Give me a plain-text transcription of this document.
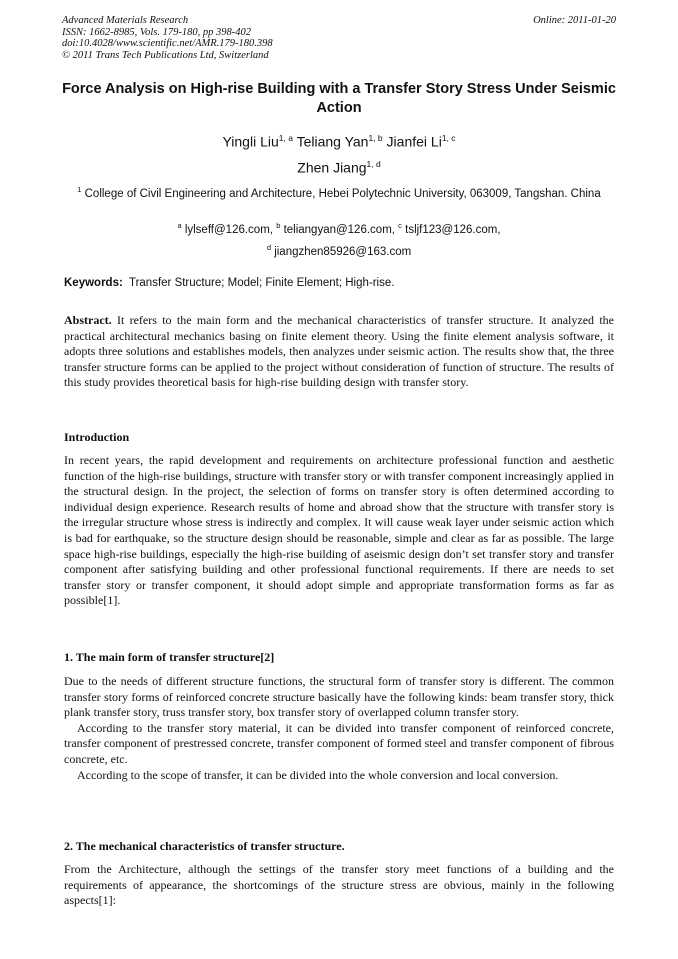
Advanced Materials Research
ISSN: 1662-8985, Vols. 179-180, pp 398-402
doi:10.4028/www.scientific.net/AMR.179-180.398
© 2011 Trans Tech Publications Ltd, Switzerland
Online: 2011-01-20
Force Analysis on High-rise Building with a Transfer Story Stress Under Seismic Action
Yingli Liu$^{1, a}$ Teliang Yan$^{1, b}$ Jianfei Li$^{1, c}$
Zhen Jiang$^{1, d}$
$^1$ College of Civil Engineering and Architecture, Hebei Polytechnic University, 063009, Tangshan. China
$^a$ lylseff@126.com, $^b$ teliangyan@126.com, $^c$ tsljf123@126.com,
$^d$ jiangzhen85926@163.com
Keywords: Transfer Structure; Model; Finite Element; High-rise.

Abstract. It refers to the main form and the mechanical characteristics of transfer structure. It analyzed the practical architectural mechanics basing on finite element theory. Using the finite element analysis software, it adopts three solutions and establishes models, then analyzes under seismic action. The results show that, the three transfer structure forms can be applied to the project without consideration of function of structure. The results of this study provides theoretical basis for high-rise building design with transfer story.

Introduction

In recent years, the rapid development and requirements on architecture professional function and aesthetic function of the high-rise buildings, structure with transfer story or with transfer component increasingly applied in the structural design. In the project, the selection of forms on transfer story is often determined according to individual design experience. Research results of home and abroad show that the structure with transfer story is the irregular structure whose stress is indirectly and complex. It will cause weak layer under seismic action which is bad for earthquake, so the structure design should be reasonable, simple and clear as far as possible. The large space high-rise buildings, especially the high-rise building of aseismic design don’t set transfer story and transfer component after satisfying building and other professional functional requirements. If there are needs to set transfer story or transfer component, it should adopt simple and appropriate transformation forms as far as possible[1].

1. The main form of transfer structure[2]

Due to the needs of different structure functions, the structural form of transfer story is different. The common transfer story forms of reinforced concrete structure basically have the following kinds: beam transfer story, thick plank transfer story, truss transfer story, box transfer story of overlapped column transfer story.

According to the transfer story material, it can be divided into transfer component of reinforced concrete, transfer component of prestressed concrete, transfer component of formed steel and transfer component of fibrous concrete, etc.

According to the scope of transfer, it can be divided into the whole conversion and local conversion.

2. The mechanical characteristics of transfer structure.

From the Architecture, although the settings of the transfer story meet functions of a building and the requirements of appearance, the shortcomings of the structure stress are obvious, mainly in the following aspects[1]:
